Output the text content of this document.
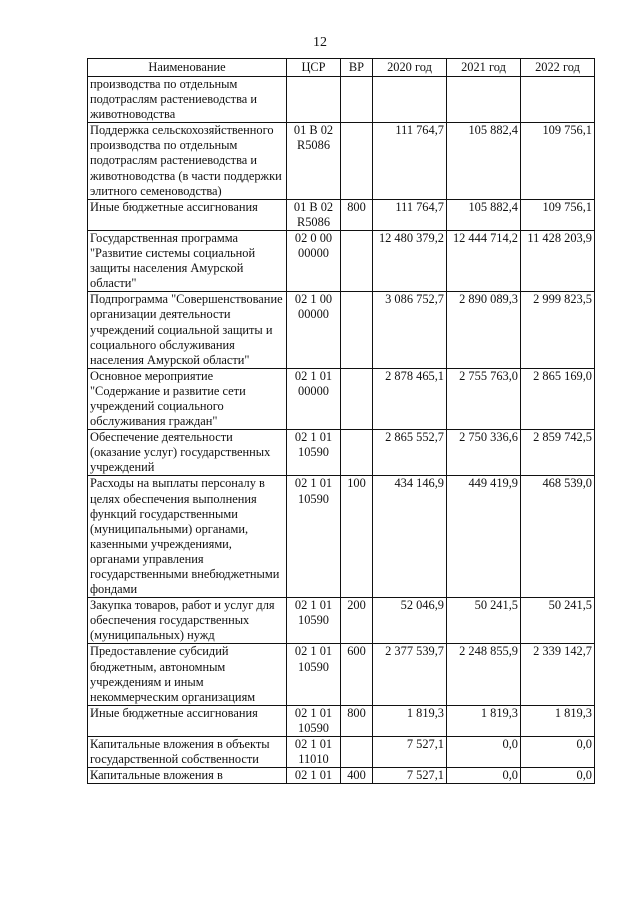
12
Наименование	ЦСР	ВР	2020 год	2021 год	2022 год
производства по отдельным подотраслям растениеводства и животноводства					
Поддержка сельскохозяйственного производства по отдельным подотраслям растениеводства и животноводства (в части поддержки элитного семеноводства)	01 В 02 R5086		111 764,7	105 882,4	109 756,1
Иные бюджетные ассигнования	01 В 02 R5086	800	111 764,7	105 882,4	109 756,1
Государственная программа "Развитие системы социальной защиты населения Амурской области"	02 0 00 00000		12 480 379,2	12 444 714,2	11 428 203,9
Подпрограмма "Совершенствование организации деятельности учреждений социальной защиты и социального обслуживания населения Амурской области"	02 1 00 00000		3 086 752,7	2 890 089,3	2 999 823,5
Основное мероприятие "Содержание и развитие сети учреждений социального обслуживания граждан"	02 1 01 00000		2 878 465,1	2 755 763,0	2 865 169,0
Обеспечение деятельности (оказание услуг) государственных учреждений	02 1 01 10590		2 865 552,7	2 750 336,6	2 859 742,5
Расходы на выплаты персоналу в целях обеспечения выполнения функций государственными (муниципальными) органами, казенными учреждениями, органами управления государственными внебюджетными фондами	02 1 01 10590	100	434 146,9	449 419,9	468 539,0
Закупка товаров, работ и услуг для обеспечения государственных (муниципальных) нужд	02 1 01 10590	200	52 046,9	50 241,5	50 241,5
Предоставление субсидий бюджетным, автономным учреждениям и иным некоммерческим организациям	02 1 01 10590	600	2 377 539,7	2 248 855,9	2 339 142,7
Иные бюджетные ассигнования	02 1 01 10590	800	1 819,3	1 819,3	1 819,3
Капитальные вложения в объекты государственной собственности	02 1 01 11010		7 527,1	0,0	0,0
Капитальные вложения в	02 1 01	400	7 527,1	0,0	0,0
